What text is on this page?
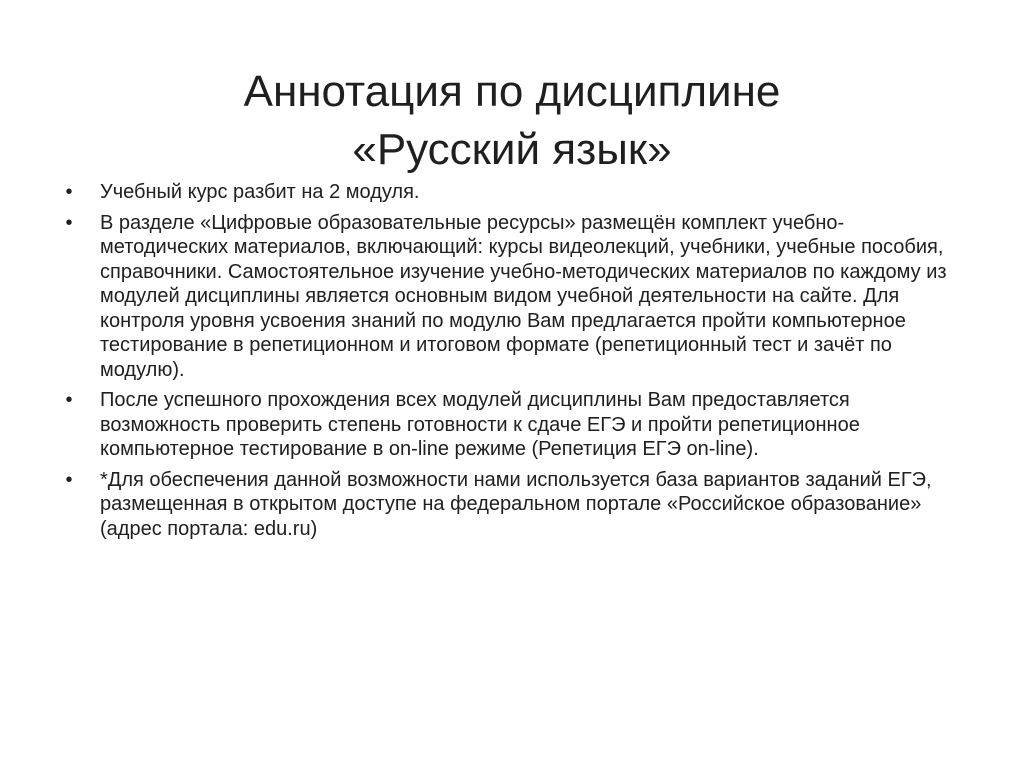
Аннотация по дисциплине
«Русский язык»
• Учебный курс разбит на 2 модуля.
• В разделе «Цифровые образовательные ресурсы» размещён комплект учебно-методических материалов, включающий: курсы видеолекций, учебники, учебные пособия, справочники. Самостоятельное изучение учебно-методических материалов по каждому из модулей дисциплины является основным видом учебной деятельности на сайте. Для контроля уровня усвоения знаний по модулю Вам предлагается пройти компьютерное тестирование в репетиционном и итоговом формате (репетиционный тест и зачёт по модулю).
• После успешного прохождения всех модулей дисциплины Вам предоставляется возможность проверить степень готовности к сдаче ЕГЭ и пройти репетиционное компьютерное тестирование в on-line режиме (Репетиция ЕГЭ on-line).
• *Для обеспечения данной возможности нами используется база вариантов заданий ЕГЭ, размещенная в открытом доступе на федеральном портале «Российское образование» (адрес портала: edu.ru)
